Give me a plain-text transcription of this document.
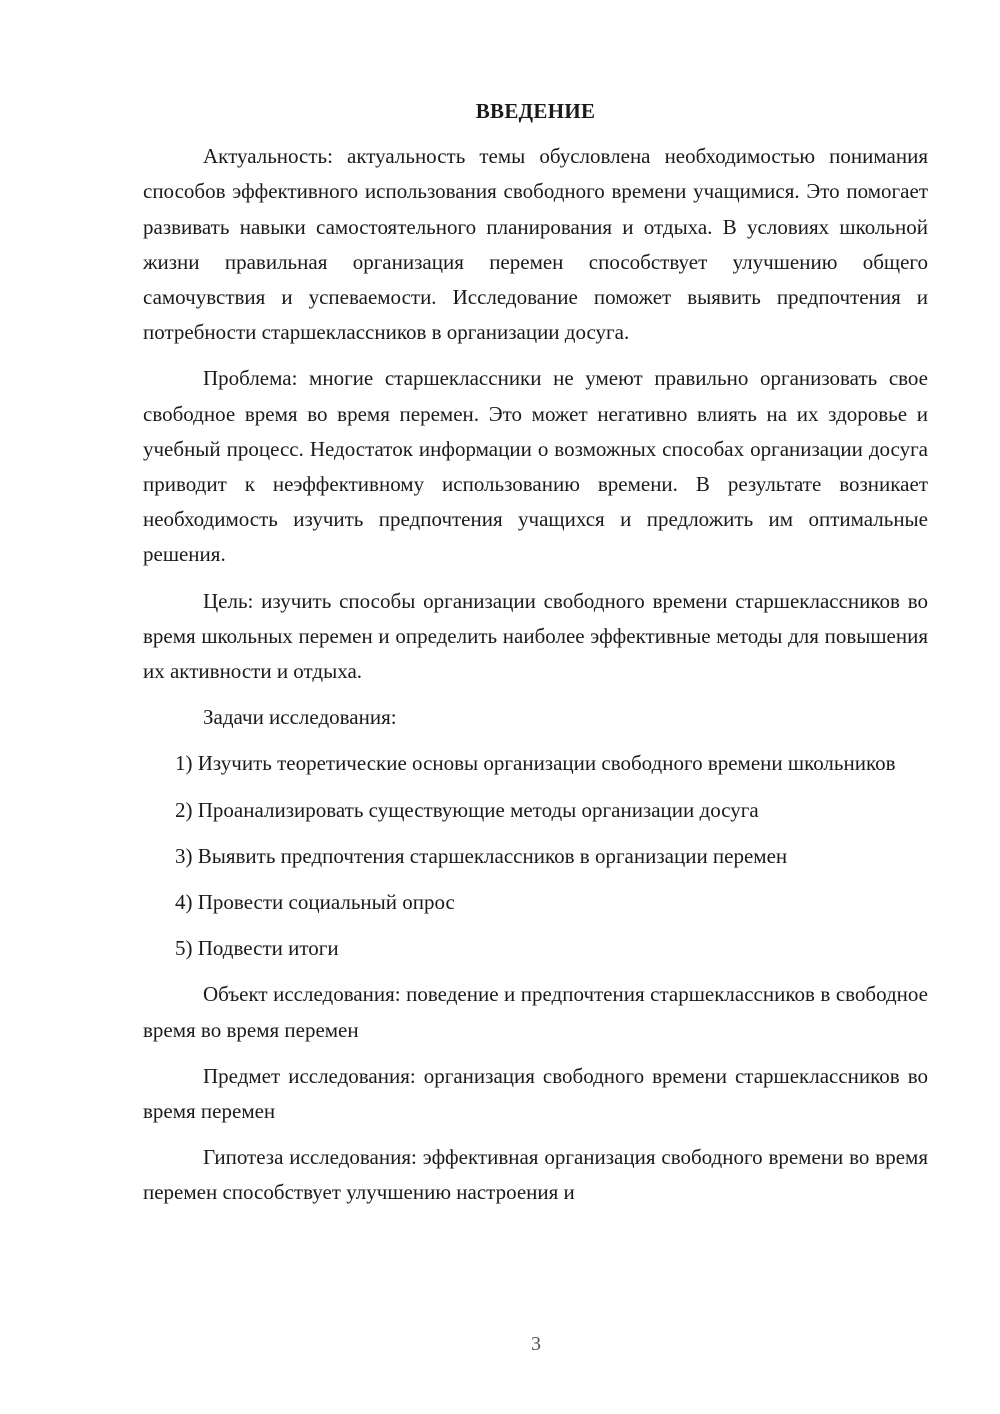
ВВЕДЕНИЕ

Актуальность: актуальность темы обусловлена необходимостью понимания способов эффективного использования свободного времени учащимися. Это помогает развивать навыки самостоятельного планирования и отдыха. В условиях школьной жизни правильная организация перемен способствует улучшению общего самочувствия и успеваемости. Исследование поможет выявить предпочтения и потребности старшеклассников в организации досуга.

Проблема: многие старшеклассники не умеют правильно организовать свое свободное время во время перемен. Это может негативно влиять на их здоровье и учебный процесс. Недостаток информации о возможных способах организации досуга приводит к неэффективному использованию времени. В результате возникает необходимость изучить предпочтения учащихся и предложить им оптимальные решения.

Цель: изучить способы организации свободного времени старшеклассников во время школьных перемен и определить наиболее эффективные методы для повышения их активности и отдыха.

Задачи исследования:

1) Изучить теоретические основы организации свободного времени школьников

2) Проанализировать существующие методы организации досуга

3) Выявить предпочтения старшеклассников в организации перемен

4) Провести социальный опрос

5) Подвести итоги

Объект исследования: поведение и предпочтения старшеклассников в свободное время во время перемен

Предмет исследования: организация свободного времени старшеклассников во время перемен

Гипотеза исследования: эффективная организация свободного времени во время перемен способствует улучшению настроения и

3
